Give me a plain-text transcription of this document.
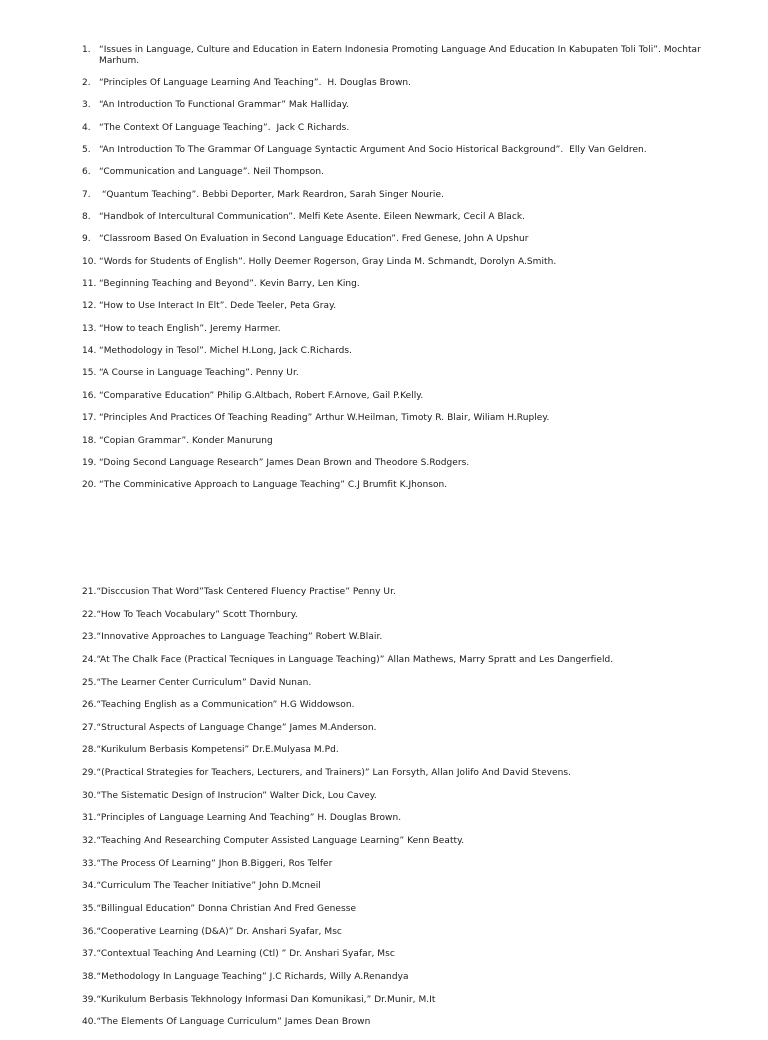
1. “Issues in Language, Culture and Education in Eatern Indonesia Promoting Language And Education In Kabupaten Toli Toli”. Mochtar Marhum.
2. “Principles Of Language Learning And Teaching”.  H. Douglas Brown.
3. “An Introduction To Functional Grammar” Mak Halliday.
4. “The Context Of Language Teaching”.  Jack C Richards.
5. “An Introduction To The Grammar Of Language Syntactic Argument And Socio Historical Background”.  Elly Van Geldren.
6. “Communication and Language”. Neil Thompson.
7. “Quantum Teaching”. Bebbi Deporter, Mark Reardron, Sarah Singer Nourie.
8. “Handbok of Intercultural Communication”. Melfi Kete Asente. Eileen Newmark, Cecil A Black.
9. “Classroom Based On Evaluation in Second Language Education”. Fred Genese, John A Upshur
10. “Words for Students of English”. Holly Deemer Rogerson, Gray Linda M. Schmandt, Dorolyn A.Smith.
11. “Beginning Teaching and Beyond”. Kevin Barry, Len King.
12. “How to Use Interact In Elt”. Dede Teeler, Peta Gray.
13. “How to teach English”. Jeremy Harmer.
14. “Methodology in Tesol”. Michel H.Long, Jack C.Richards.
15. “A Course in Language Teaching”. Penny Ur.
16. “Comparative Education” Philip G.Altbach, Robert F.Arnove, Gail P.Kelly.
17. “Principles And Practices Of Teaching Reading” Arthur W.Heilman, Timoty R. Blair, Wiliam H.Rupley.
18. “Copian Grammar”. Konder Manurung
19. “Doing Second Language Research” James Dean Brown and Theodore S.Rodgers.
20. “The Comminicative Approach to Language Teaching” C.J Brumfit K.Jhonson.
21. “Disccusion That Word”Task Centered Fluency Practise” Penny Ur.
22. “How To Teach Vocabulary” Scott Thornbury.
23. “Innovative Approaches to Language Teaching” Robert W.Blair.
24. “At The Chalk Face (Practical Tecniques in Language Teaching)” Allan Mathews, Marry Spratt and Les Dangerfield.
25. “The Learner Center Curriculum” David Nunan.
26. “Teaching English as a Communication” H.G Widdowson.
27. “Structural Aspects of Language Change” James M.Anderson.
28. “Kurikulum Berbasis Kompetensi” Dr.E.Mulyasa M.Pd.
29. “(Practical Strategies for Teachers, Lecturers, and Trainers)” Lan Forsyth, Allan Jolifo And David Stevens.
30. “The Sistematic Design of Instrucion” Walter Dick, Lou Cavey.
31. “Principles of Language Learning And Teaching” H. Douglas Brown.
32. “Teaching And Researching Computer Assisted Language Learning” Kenn Beatty.
33. “The Process Of Learning” Jhon B.Biggeri, Ros Telfer
34. “Curriculum The Teacher Initiative” John D.Mcneil
35. “Billingual Education” Donna Christian And Fred Genesse
36. “Cooperative Learning (D&A)” Dr. Anshari Syafar, Msc
37. “Contextual Teaching And Learning (Ctl) ” Dr. Anshari Syafar, Msc
38. “Methodology In Language Teaching” J.C Richards, Willy A.Renandya
39. “Kurikulum Berbasis Tekhnology Informasi Dan Komunikasi,” Dr.Munir, M.It
40. “The Elements Of Language Curriculum” James Dean Brown
